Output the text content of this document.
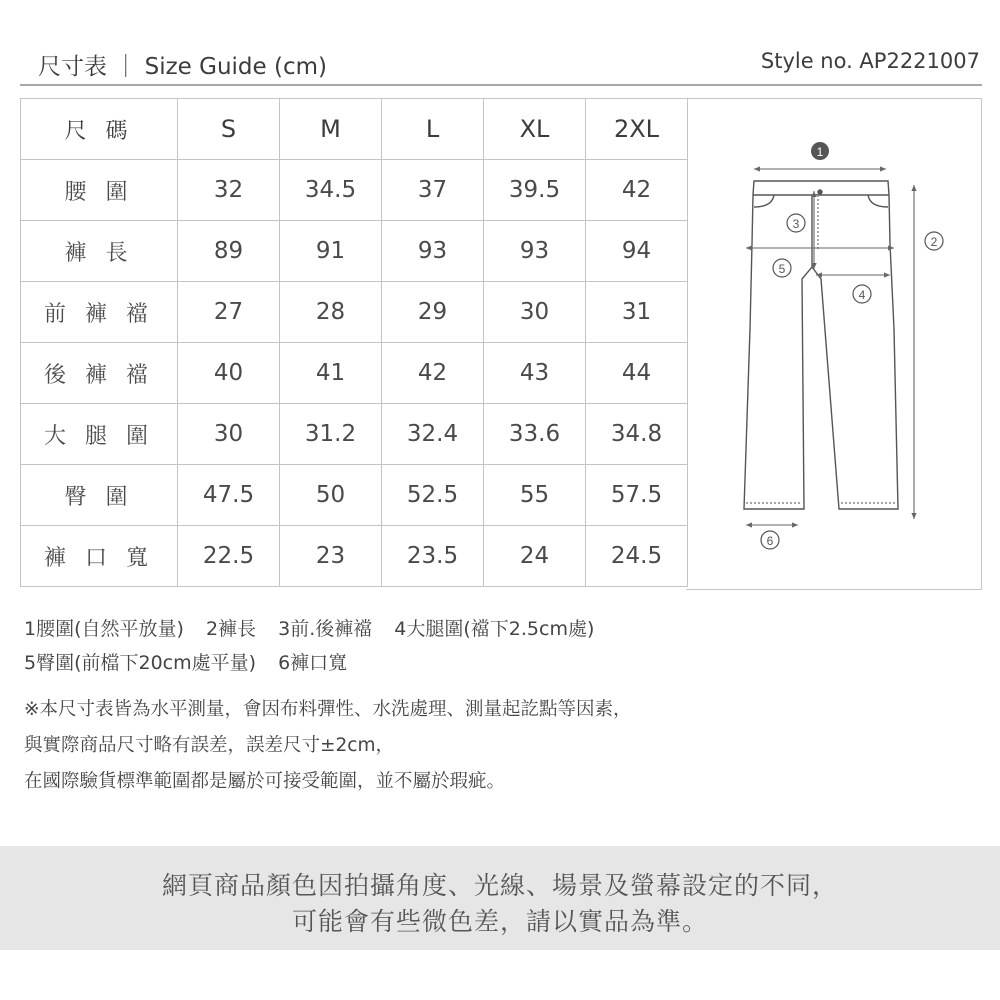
尺寸表 ｜ Size Guide (cm)	Style no. AP2221007
尺 碼	S	M	L	XL	2XL
腰 圍	32	34.5	37	39.5	42
褲 長	89	91	93	93	94
前 褲 襠	27	28	29	30	31
後 褲 襠	40	41	42	43	44
大 腿 圍	30	31.2	32.4	33.6	34.8
臀 圍	47.5	50	52.5	55	57.5
褲 口 寬	22.5	23	23.5	24	24.5
1
2
3
4
5
6
1腰圍(自然平放量) 2褲長 3前.後褲襠 4大腿圍(襠下2.5cm處)
5臀圍(前檔下20cm處平量) 6褲口寬
※本尺寸表皆為水平測量，會因布料彈性、水洗處理、測量起訖點等因素，
與實際商品尺寸略有誤差，誤差尺寸±2cm，
在國際驗貨標準範圍都是屬於可接受範圍，並不屬於瑕疵。
網頁商品顏色因拍攝角度、光線、場景及螢幕設定的不同，
可能會有些微色差，請以實品為準。
